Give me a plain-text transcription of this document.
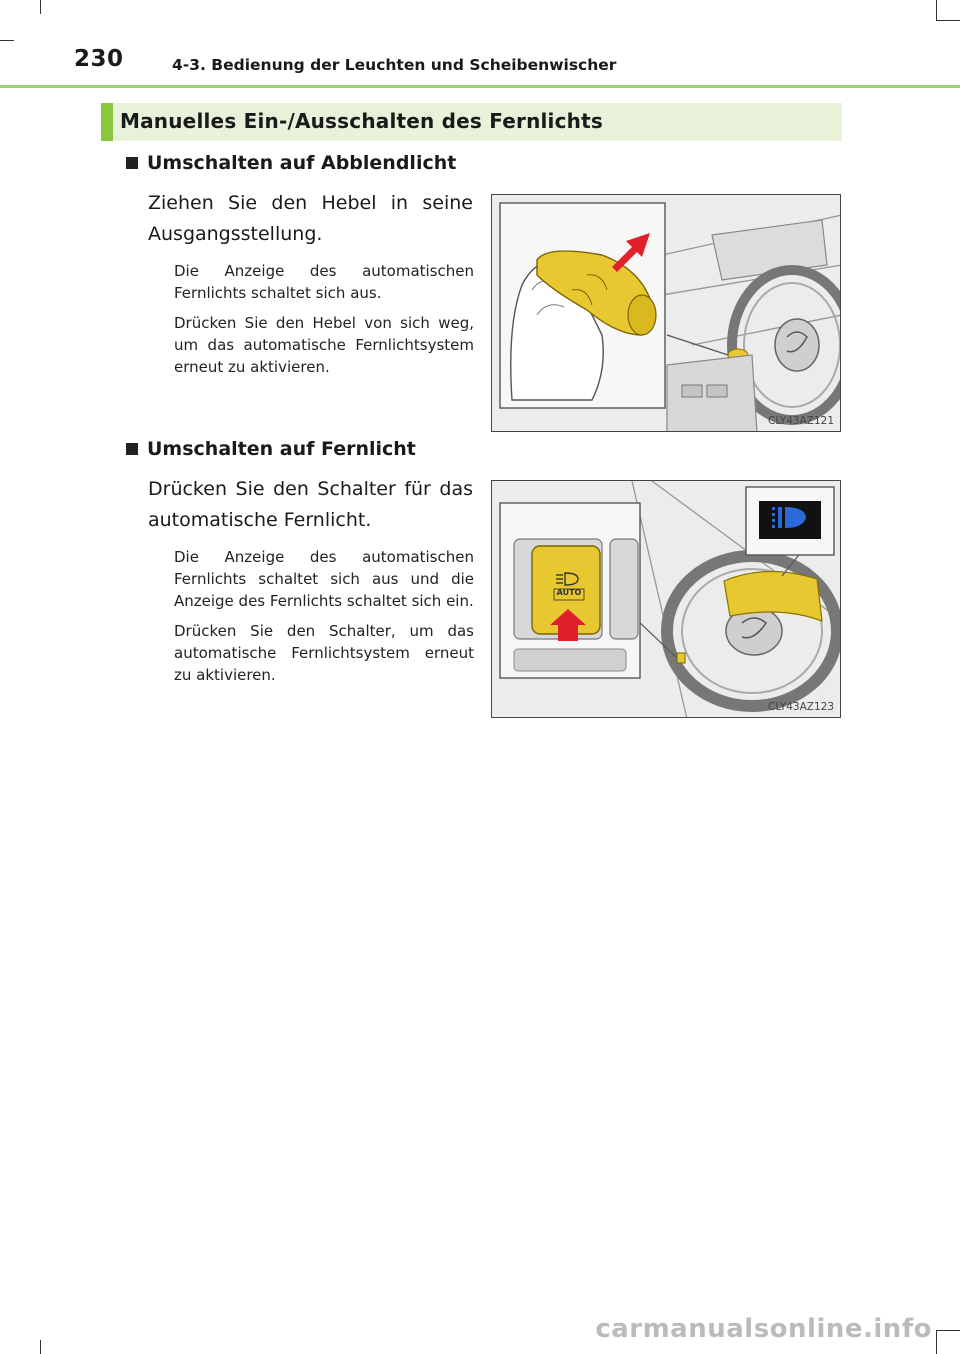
230	4-3. Bedienung der Leuchten und Scheibenwischer
Manuelles Ein-/Ausschalten des Fernlichts
Umschalten auf Abblendlicht
Ziehen Sie den Hebel in seine Ausgangsstellung.
Die Anzeige des automatischen Fernlichts schaltet sich aus.
Drücken Sie den Hebel von sich weg, um das automatische Fernlichtsystem erneut zu aktivieren.
CLY43AZ121
Umschalten auf Fernlicht
Drücken Sie den Schalter für das automatische Fernlicht.
Die Anzeige des automatischen Fernlichts schaltet sich aus und die Anzeige des Fernlichts schaltet sich ein.
Drücken Sie den Schalter, um das automatische Fernlichtsystem erneut zu aktivieren.
AUTO
CLY43AZ123
carmanualsonline.info
